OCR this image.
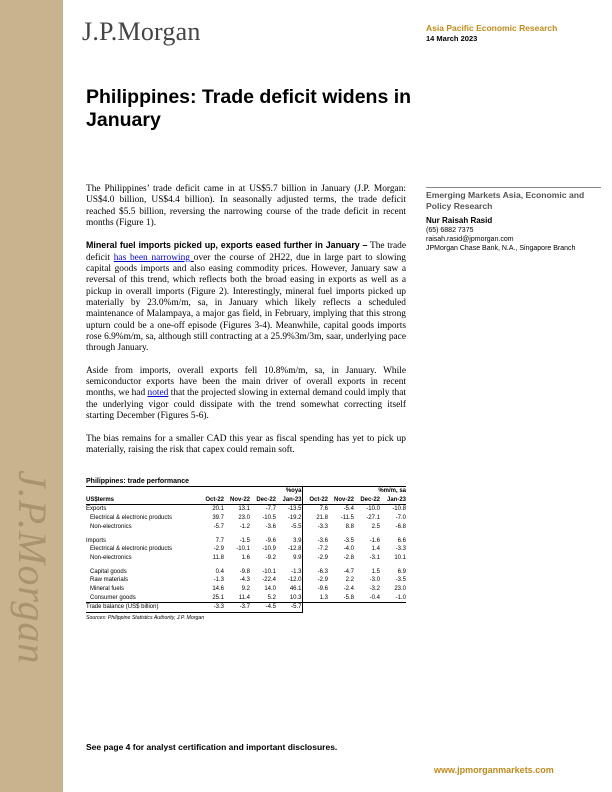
J.P.Morgan
J.P.Morgan	Asia Pacific Economic Research
14 March 2023
Philippines: Trade deficit widens in January

The Philippines’ trade deficit came in at US$5.7 billion in January (J.P. Morgan: US$4.0 billion, US$4.4 billion). In seasonally adjusted terms, the trade deficit reached $5.5 billion, reversing the narrowing course of the trade deficit in recent months (Figure 1).

Mineral fuel imports picked up, exports eased further in January – The trade deficit has been narrowing over the course of 2H22, due in large part to slowing capital goods imports and also easing commodity prices. However, January saw a reversal of this trend, which reflects both the broad easing in exports as well as a pickup in overall imports (Figure 2). Interestingly, mineral fuel imports picked up materially by 23.0%m/m, sa, in January which likely reflects a scheduled maintenance of Malampaya, a major gas field, in February, implying that this strong upturn could be a one-off episode (Figures 3-4). Meanwhile, capital goods imports rose 6.9%m/m, sa, although still contracting at a 25.9%3m/3m, saar, underlying pace through January.

Aside from imports, overall exports fell 10.8%m/m, sa, in January. While semiconductor exports have been the main driver of overall exports in recent months, we had noted that the projected slowing in external demand could imply that the underlying vigor could dissipate with the trend somewhat correcting itself starting December (Figures 5-6).

The bias remains for a smaller CAD this year as fiscal spending has yet to pick up materially, raising the risk that capex could remain soft.

Emerging Markets Asia, Economic and Policy Research
Nur Raisah Rasid
(65) 6882 7375
raisah.rasid@jpmorgan.com
JPMorgan Chase Bank, N.A., Singapore Branch
Philippines: trade performance
	%oya				%m/m, sa			
US$terms	Oct-22	Nov-22	Dec-22	Jan-23	Oct-22	Nov-22	Dec-22	Jan-23
Exports	20.1	13.1	-7.7	-13.5	7.6	-5.4	-10.0	-10.8
Electrical & electronic products	39.7	23.0	-10.5	-19.2	21.8	-11.5	-27.1	-7.0
Non-electronics	-5.7	-1.2	-3.6	-5.5	-3.3	8.8	2.5	-6.8

Imports	7.7	-1.5	-9.6	3.9	-3.6	-3.5	-1.6	6.6
Electrical & electronic products	-2.9	-10.1	-10.9	-12.8	-7.2	-4.0	1.4	-3.3
Non-electronics	11.8	1.6	-9.2	9.9	-2.9	-2.8	-3.1	10.1

Capital goods	0.4	-9.8	-10.1	-1.3	-6.3	-4.7	1.5	6.9
Raw materials	-1.3	-4.3	-22.4	-12.0	-2.9	2.2	-3.0	-3.5
Mineral fuels	14.6	9.2	14.0	46.1	-9.6	-2.4	-3.2	23.0
Consumer goods	25.1	11.4	5.2	10.3	1.3	-5.8	-0.4	-1.0
Trade balance (US$ billion)	-3.3	-3.7	-4.5	-5.7				
Sources: Philippine Statistics Authority, J.P. Morgan
See page 4 for analyst certification and important disclosures.
www.jpmorganmarkets.com
